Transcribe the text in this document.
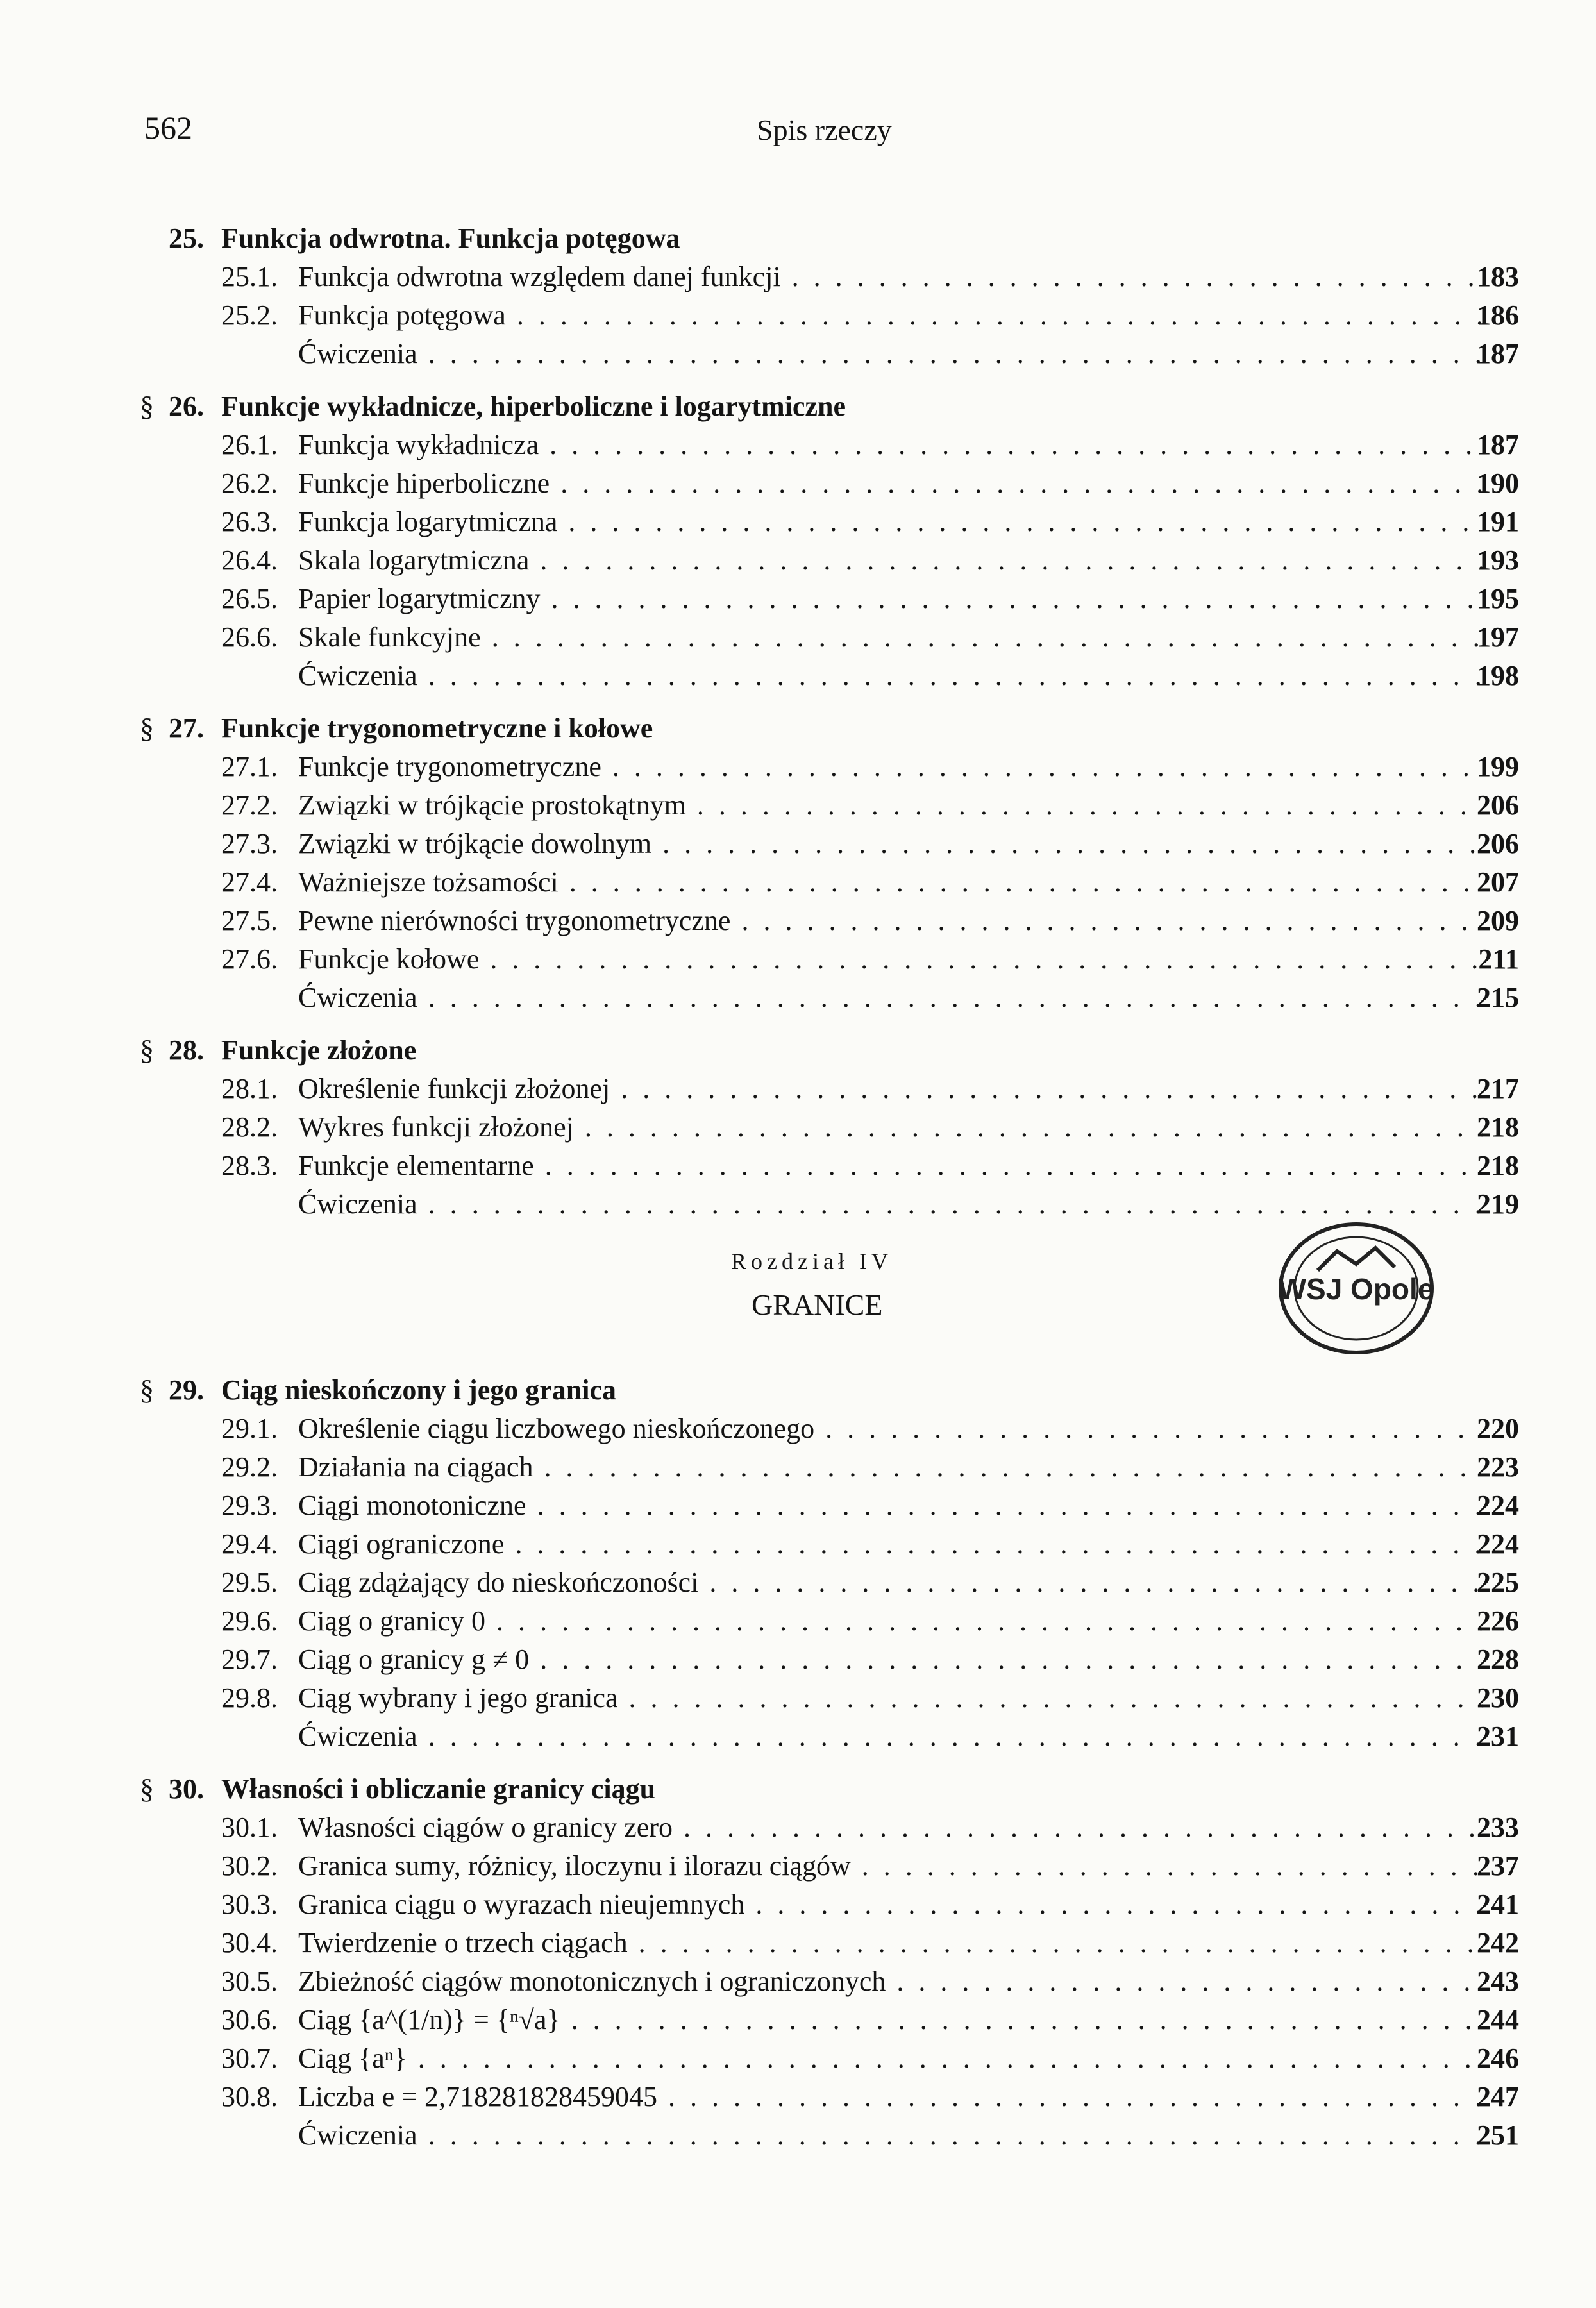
562	Spis rzeczy
25. Funkcja odwrotna. Funkcja potęgowa
25.1. Funkcja odwrotna względem danej funkcji . . .	183
25.2. Funkcja potęgowa . . .	186
Ćwiczenia . . .	187
§ 26. Funkcje wykładnicze, hiperboliczne i logarytmiczne
26.1. Funkcja wykładnicza . . .	187
26.2. Funkcje hiperboliczne . . .	190
26.3. Funkcja logarytmiczna . . .	191
26.4. Skala logarytmiczna . . .	193
26.5. Papier logarytmiczny . . .	195
26.6. Skale funkcyjne . . .	197
Ćwiczenia . . .	198
§ 27. Funkcje trygonometryczne i kołowe
27.1. Funkcje trygonometryczne . . .	199
27.2. Związki w trójkącie prostokątnym . . .	206
27.3. Związki w trójkącie dowolnym . . .	206
27.4. Ważniejsze tożsamości . . .	207
27.5. Pewne nierówności trygonometryczne . . .	209
27.6. Funkcje kołowe . . .	211
Ćwiczenia . . .	215
§ 28. Funkcje złożone
28.1. Określenie funkcji złożonej . . .	217
28.2. Wykres funkcji złożonej . . .	218
28.3. Funkcje elementarne . . .	218
Ćwiczenia . . .	219
Rozdział IV
GRANICE	WSJ Opole
§ 29. Ciąg nieskończony i jego granica
29.1. Określenie ciągu liczbowego nieskończonego . . .	220
29.2. Działania na ciągach . . .	223
29.3. Ciągi monotoniczne . . .	224
29.4. Ciągi ograniczone . . .	224
29.5. Ciąg zdążający do nieskończoności . . .	225
29.6. Ciąg o granicy 0 . . .	226
29.7. Ciąg o granicy g ≠ 0 . . .	228
29.8. Ciąg wybrany i jego granica . . .	230
Ćwiczenia . . .	231
§ 30. Własności i obliczanie granicy ciągu
30.1. Własności ciągów o granicy zero . . .	233
30.2. Granica sumy, różnicy, iloczynu i ilorazu ciągów . . .	237
30.3. Granica ciągu o wyrazach nieujemnych . . .	241
30.4. Twierdzenie o trzech ciągach . . .	242
30.5. Zbieżność ciągów monotonicznych i ograniczonych . . .	243
30.6. Ciąg {a^(1/n)} = {ⁿ√a} . . .	244
30.7. Ciąg {aⁿ} . . .	246
30.8. Liczba e = 2,718281828459045 . . .	247
Ćwiczenia . . .	251
